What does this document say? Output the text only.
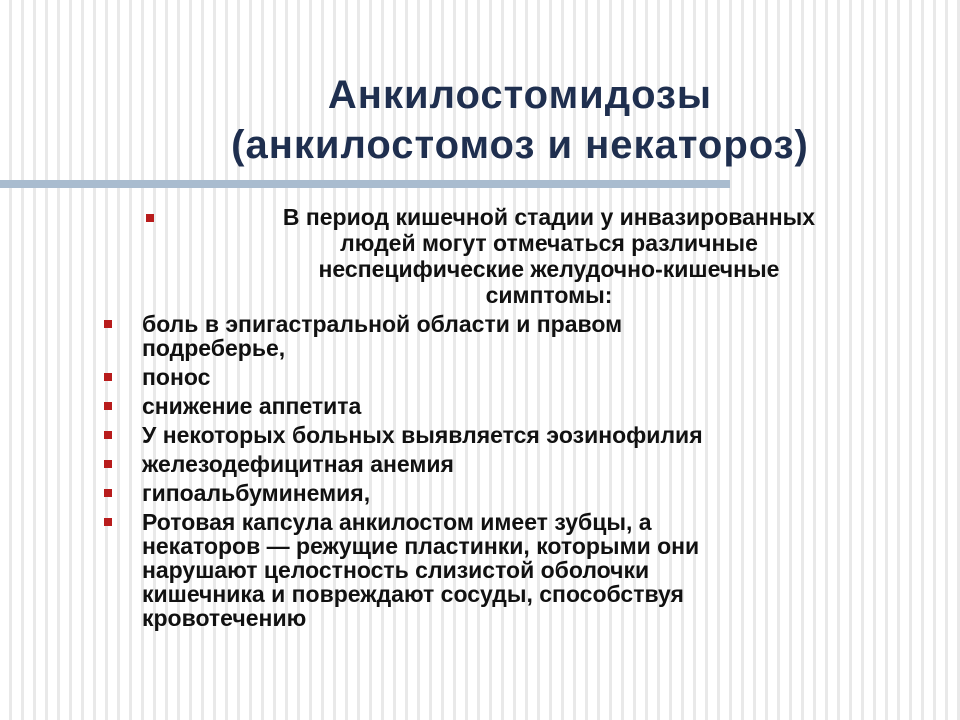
Анкилостомидозы
(анкилостомоз и некатороз)
В период кишечной стадии у инвазированных
людей могут отмечаться различные
неспецифические желудочно-кишечные
симптомы:
боль в эпигастральной области и правом
подреберье,
понос
снижение аппетита
У некоторых больных выявляется эозинофилия
железодефицитная анемия
гипоальбуминемия,
Ротовая капсула анкилостом имеет зубцы, а
некаторов — режущие пластинки, которыми они
нарушают целостность слизистой оболочки
кишечника и повреждают сосуды, способствуя
кровотечению
